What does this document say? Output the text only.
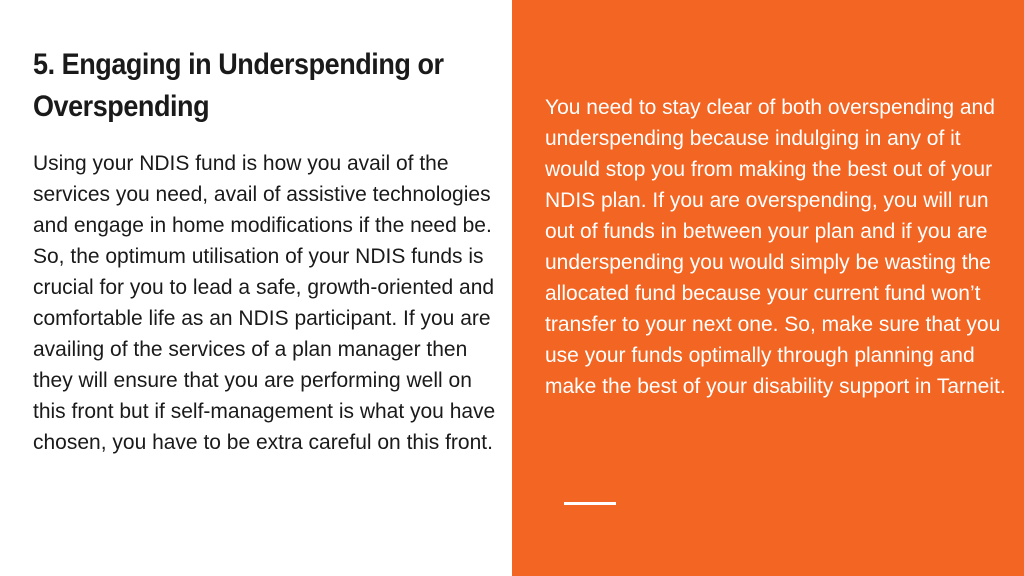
5. Engaging in Underspending or Overspending

Using your NDIS fund is how you avail of the services you need, avail of assistive technologies and engage in home modifications if the need be. So, the optimum utilisation of your NDIS funds is crucial for you to lead a safe, growth-oriented and comfortable life as an NDIS participant. If you are availing of the services of a plan manager then they will ensure that you are performing well on this front but if self-management is what you have chosen, you have to be extra careful on this front.

You need to stay clear of both overspending and underspending because indulging in any of it would stop you from making the best out of your NDIS plan. If you are overspending, you will run out of funds in between your plan and if you are underspending you would simply be wasting the allocated fund because your current fund won’t transfer to your next one. So, make sure that you use your funds optimally through planning and make the best of your disability support in Tarneit.
